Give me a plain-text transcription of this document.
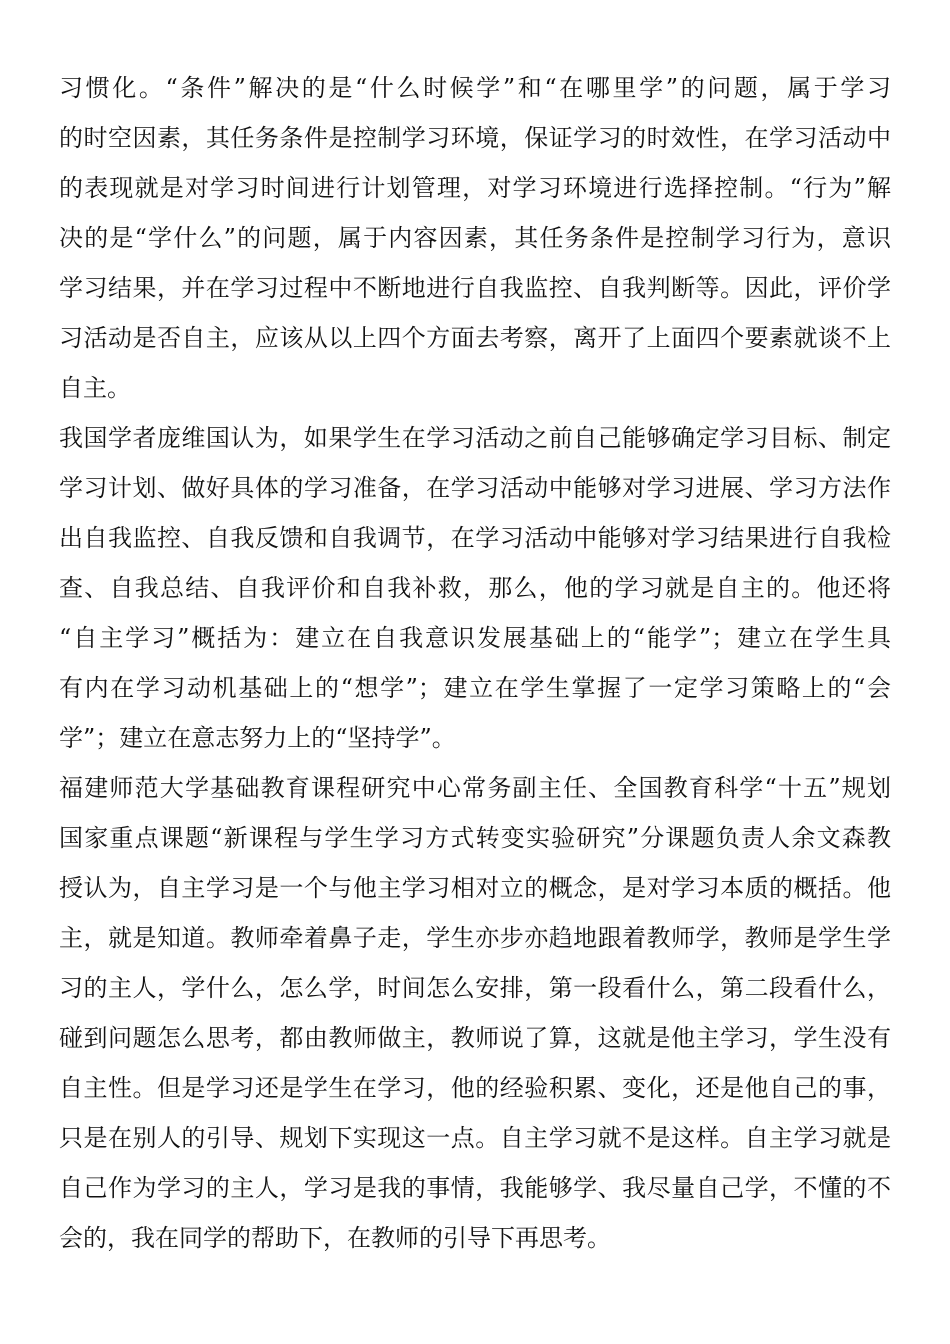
习惯化。“条件”解决的是“什么时候学”和“在哪里学”的问题，属于学习
的时空因素，其任务条件是控制学习环境，保证学习的时效性，在学习活动中
的表现就是对学习时间进行计划管理，对学习环境进行选择控制。“行为”解
决的是“学什么”的问题，属于内容因素，其任务条件是控制学习行为，意识
学习结果，并在学习过程中不断地进行自我监控、自我判断等。因此，评价学
习活动是否自主，应该从以上四个方面去考察，离开了上面四个要素就谈不上
自主。
我国学者庞维国认为，如果学生在学习活动之前自己能够确定学习目标、制定
学习计划、做好具体的学习准备，在学习活动中能够对学习进展、学习方法作
出自我监控、自我反馈和自我调节，在学习活动中能够对学习结果进行自我检
查、自我总结、自我评价和自我补救，那么，他的学习就是自主的。他还将
“自主学习”概括为：建立在自我意识发展基础上的“能学”；建立在学生具
有内在学习动机基础上的“想学”；建立在学生掌握了一定学习策略上的“会
学”；建立在意志努力上的“坚持学”。
福建师范大学基础教育课程研究中心常务副主任、全国教育科学“十五”规划
国家重点课题“新课程与学生学习方式转变实验研究”分课题负责人余文森教
授认为，自主学习是一个与他主学习相对立的概念，是对学习本质的概括。他
主，就是知道。教师牵着鼻子走，学生亦步亦趋地跟着教师学，教师是学生学
习的主人，学什么，怎么学，时间怎么安排，第一段看什么，第二段看什么，
碰到问题怎么思考，都由教师做主，教师说了算，这就是他主学习，学生没有
自主性。但是学习还是学生在学习，他的经验积累、变化，还是他自己的事，
只是在别人的引导、规划下实现这一点。自主学习就不是这样。自主学习就是
自己作为学习的主人，学习是我的事情，我能够学、我尽量自己学，不懂的不
会的，我在同学的帮助下，在教师的引导下再思考。
